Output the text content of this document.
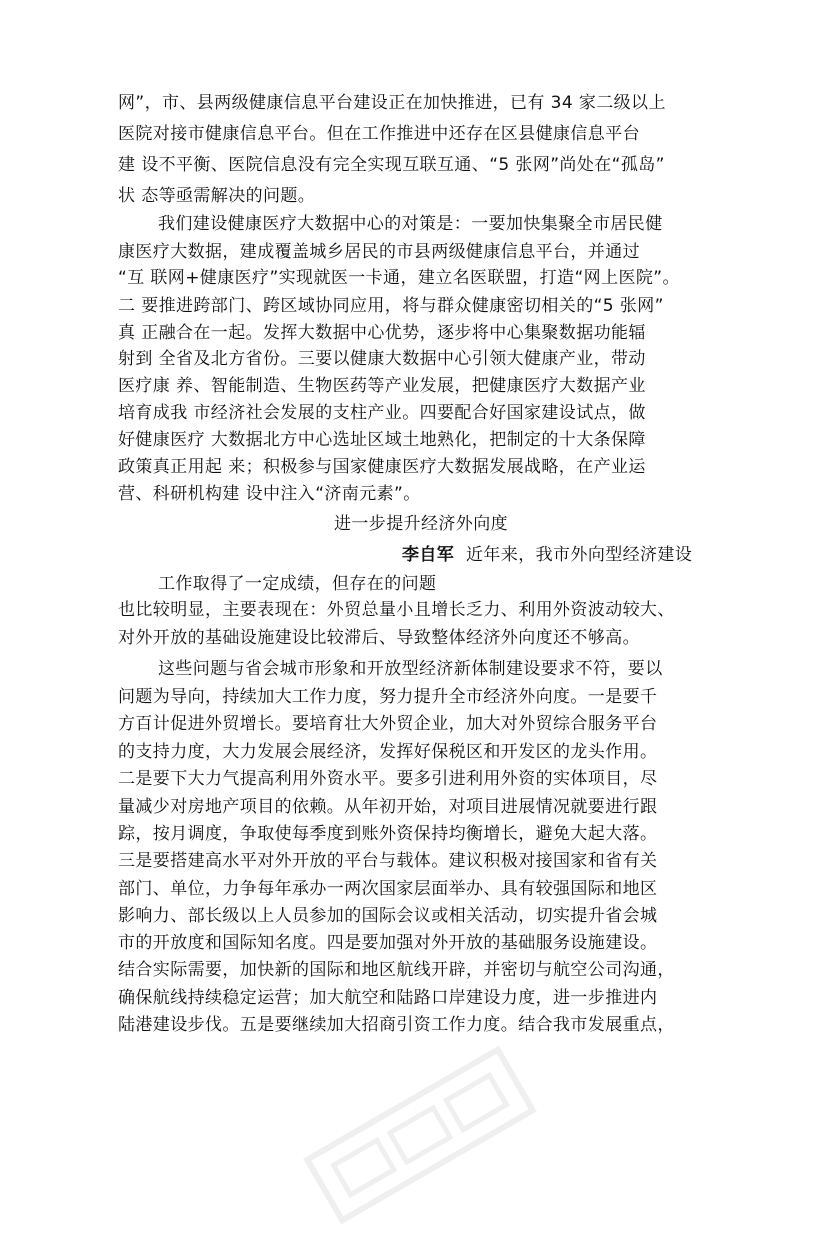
网”，市、县两级健康信息平台建设正在加快推进，已有 34 家二级以上
医院对接市健康信息平台。但在工作推进中还存在区县健康信息平台
建 设不平衡、医院信息没有完全实现互联互通、“5 张网”尚处在“孤岛”
状 态等亟需解决的问题。
我们建设健康医疗大数据中心的对策是：一要加快集聚全市居民健
康医疗大数据，建成覆盖城乡居民的市县两级健康信息平台，并通过
“互 联网+健康医疗”实现就医一卡通，建立名医联盟，打造“网上医院”。
二 要推进跨部门、跨区域协同应用，将与群众健康密切相关的“5 张网”
真 正融合在一起。发挥大数据中心优势，逐步将中心集聚数据功能辐
射到 全省及北方省份。三要以健康大数据中心引领大健康产业，带动
医疗康 养、智能制造、生物医药等产业发展，把健康医疗大数据产业
培育成我 市经济社会发展的支柱产业。四要配合好国家建设试点，做
好健康医疗 大数据北方中心选址区域土地熟化，把制定的十大条保障
政策真正用起 来；积极参与国家健康医疗大数据发展战略，在产业运
营、科研机构建 设中注入“济南元素”。
进一步提升经济外向度
李自军 近年来，我市外向型经济建设
工作取得了一定成绩，但存在的问题
也比较明显，主要表现在：外贸总量小且增长乏力、利用外资波动较大、
对外开放的基础设施建设比较滞后、导致整体经济外向度还不够高。
这些问题与省会城市形象和开放型经济新体制建设要求不符，要以
问题为导向，持续加大工作力度，努力提升全市经济外向度。一是要千
方百计促进外贸增长。要培育壮大外贸企业，加大对外贸综合服务平台
的支持力度，大力发展会展经济，发挥好保税区和开发区的龙头作用。
二是要下大力气提高利用外资水平。要多引进利用外资的实体项目，尽
量减少对房地产项目的依赖。从年初开始，对项目进展情况就要进行跟
踪，按月调度，争取使每季度到账外资保持均衡增长，避免大起大落。
三是要搭建高水平对外开放的平台与载体。建议积极对接国家和省有关
部门、单位，力争每年承办一两次国家层面举办、具有较强国际和地区
影响力、部长级以上人员参加的国际会议或相关活动，切实提升省会城
市的开放度和国际知名度。四是要加强对外开放的基础服务设施建设。
结合实际需要，加快新的国际和地区航线开辟，并密切与航空公司沟通，
确保航线持续稳定运营；加大航空和陆路口岸建设力度，进一步推进内
陆港建设步伐。五是要继续加大招商引资工作力度。结合我市发展重点，
